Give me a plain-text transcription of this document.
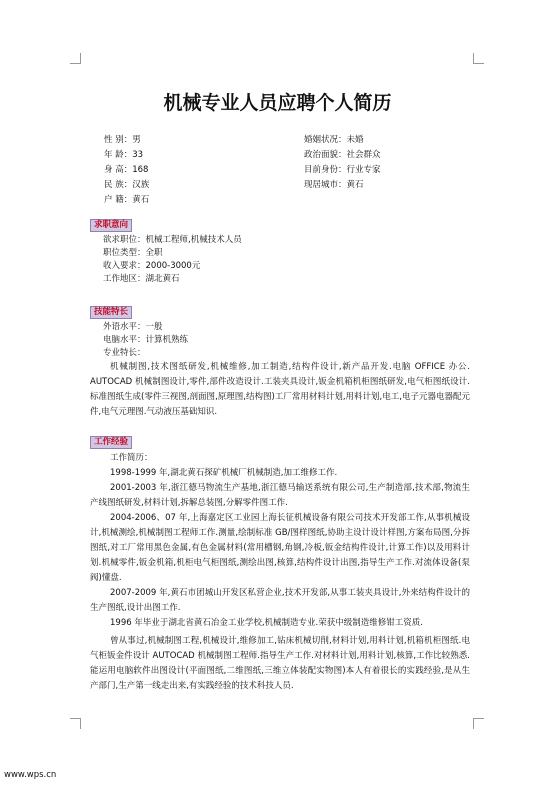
机械专业人员应聘个人简历
性 别：男
年 龄：33
身 高：168
民 族：汉族
户 籍：黄石
婚姻状况：未婚
政治面貌：社会群众
目前身份：行业专家
现居城市：黄石
求职意向
欲求职位：机械工程师,机械技术人员
职位类型：全职
收入要求：2000-3000元
工作地区：湖北黄石
技能特长
外语水平：一般
电脑水平：计算机熟练
专业特长：
机械制图,技术图纸研发,机械维修,加工制造,结构件设计,新产品开发.电脑 OFFICE 办公. AUTOCAD 机械制图设计,零件,部件改造设计.工装夹具设计,钣金机箱机柜图纸研发,电气柜图纸设计.标准图纸生成(零件三视图,剖面图,原理图,结构图)工厂常用材料计划,用料计划,电工,电子元器电器配元件,电气元理图.气动液压基础知识.
工作经验
工作简历：
1998-1999 年,湖北黄石探矿机械厂机械制造,加工维修工作.
2001-2003 年,浙江德马物流生产基地,浙江德马输送系统有限公司,生产制造部,技术部,物流生产线图纸研发,材料计划,拆解总装图,分解零件图工作.
2004-2006、07 年,上海嘉定区工业园上海长征机械设备有限公司技术开发部工作,从事机械设计,机械测绘,机械制图工程师工作.测量,绘制标准 GB/图样图纸,协助主设计设计样图,方案布局图,分拆图纸,对工厂常用黑色金属,有色金属材料(常用槽钢,角钢,冷板,钣金结构件设计,计算工作)以及用料计划.机械零件,钣金机箱,机柜电气柜图纸,测绘出图,核算,结构件设计出图,指导生产工作.对流体设备(泵阀)懂盘.
2007-2009 年,黄石市团城山开发区私营企业,技术开发部,从事工装夹具设计,外来结构件设计的生产图纸,设计出图工作.
1996 年毕业于湖北省黄石冶金工业学校,机械制造专业.荣获中级制造维修钳工资质.
曾从事过,机械制图工程,机械设计,维修加工,钻床机械切削,材料计划,用料计划,机箱机柜图纸.电气柜钣金件设计 AUTOCAD 机械制图工程师.指导生产工作.对材料计划,用料计划,核算,工作比较熟悉.能运用电脑软件出图设计(平面图纸,二维图纸,三维立体装配实物图)本人有着很长的实践经验,是从生产部门,生产第一线走出来,有实践经验的技术科技人员.
www.wps.cn
